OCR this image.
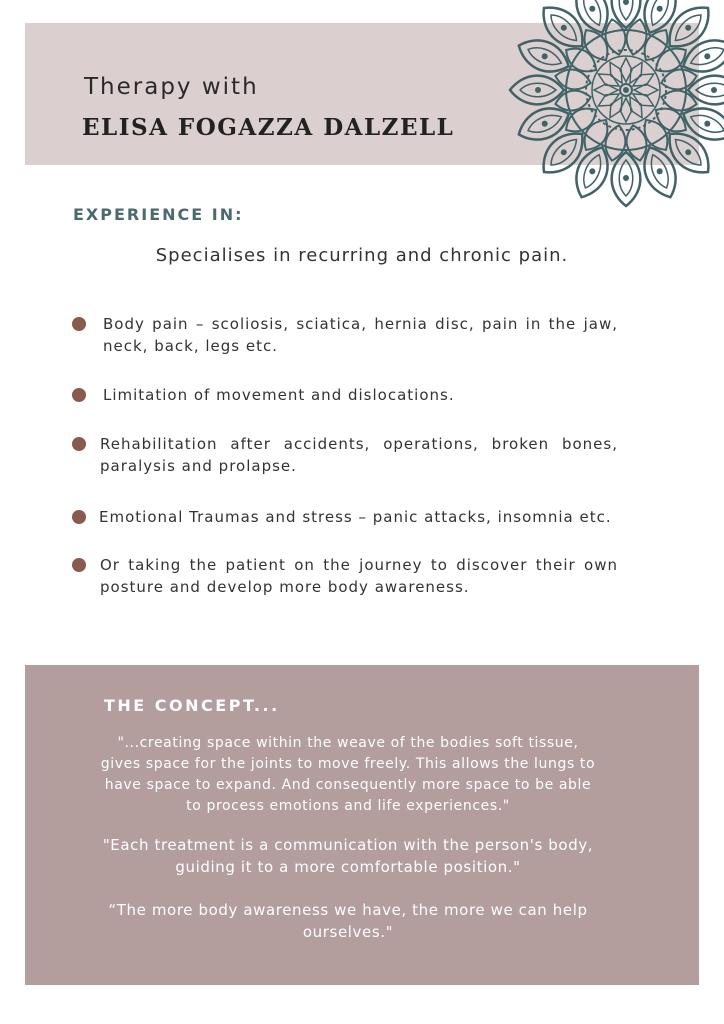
Therapy with
ELISA FOGAZZA DALZELL
EXPERIENCE IN:
Specialises in recurring and chronic pain.
Body pain – scoliosis, sciatica, hernia disc, pain in the jaw, neck, back, legs etc.
Limitation of movement and dislocations.
Rehabilitation after accidents, operations, broken bones, paralysis and prolapse.
Emotional Traumas and stress – panic attacks, insomnia etc.
Or taking the patient on the journey to discover their own posture and develop more body awareness.
THE CONCEPT...
"...creating space within the weave of the bodies soft tissue, gives space for the joints to move freely. This allows the lungs to have space to expand. And consequently more space to be able to process emotions and life experiences."
"Each treatment is a communication with the person's body, guiding it to a more comfortable position."
“The more body awareness we have, the more we can help ourselves."
